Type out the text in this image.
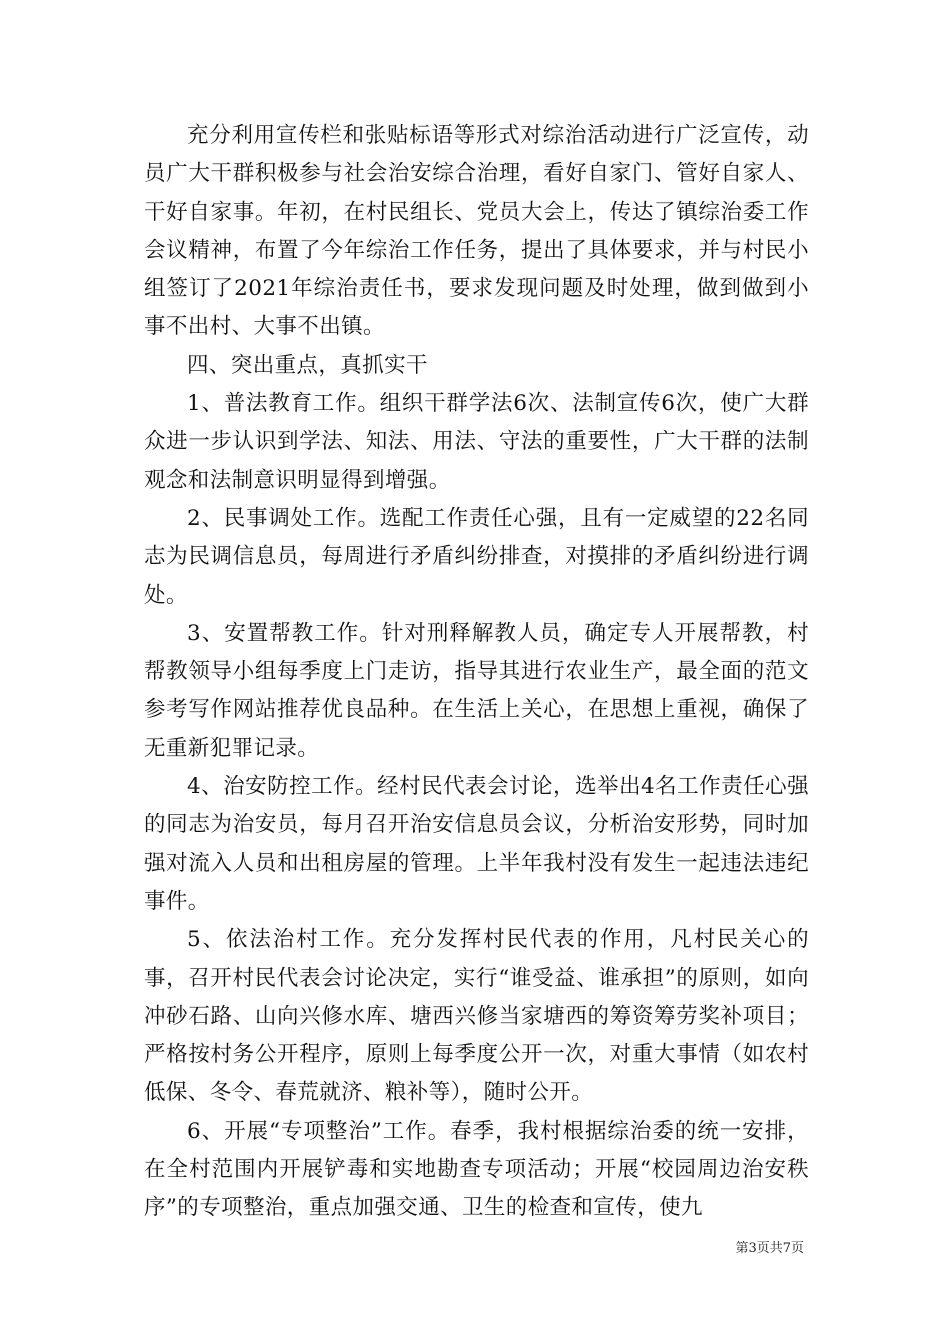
充分利用宣传栏和张贴标语等形式对综治活动进行广泛宣传，动员广大干群积极参与社会治安综合治理，看好自家门、管好自家人、干好自家事。年初，在村民组长、党员大会上，传达了镇综治委工作会议精神，布置了今年综治工作任务，提出了具体要求，并与村民小组签订了2021年综治责任书，要求发现问题及时处理，做到做到小事不出村、大事不出镇。

四、突出重点，真抓实干

1、普法教育工作。组织干群学法6次、法制宣传6次，使广大群众进一步认识到学法、知法、用法、守法的重要性，广大干群的法制观念和法制意识明显得到增强。

2、民事调处工作。选配工作责任心强，且有一定威望的22名同志为民调信息员，每周进行矛盾纠纷排查，对摸排的矛盾纠纷进行调处。

3、安置帮教工作。针对刑释解教人员，确定专人开展帮教，村帮教领导小组每季度上门走访，指导其进行农业生产，最全面的范文参考写作网站推荐优良品种。在生活上关心，在思想上重视，确保了无重新犯罪记录。

4、治安防控工作。经村民代表会讨论，选举出4名工作责任心强的同志为治安员，每月召开治安信息员会议，分析治安形势，同时加强对流入人员和出租房屋的管理。上半年我村没有发生一起违法违纪事件。

5、依法治村工作。充分发挥村民代表的作用，凡村民关心的事，召开村民代表会讨论决定，实行“谁受益、谁承担”的原则，如向冲砂石路、山向兴修水库、塘西兴修当家塘西的筹资筹劳奖补项目；严格按村务公开程序，原则上每季度公开一次，对重大事情（如农村低保、冬令、春荒就济、粮补等），随时公开。

6、开展“专项整治”工作。春季，我村根据综治委的统一安排，在全村范围内开展铲毒和实地勘查专项活动；开展“校园周边治安秩序”的专项整治，重点加强交通、卫生的检查和宣传，使九

第3页共7页
